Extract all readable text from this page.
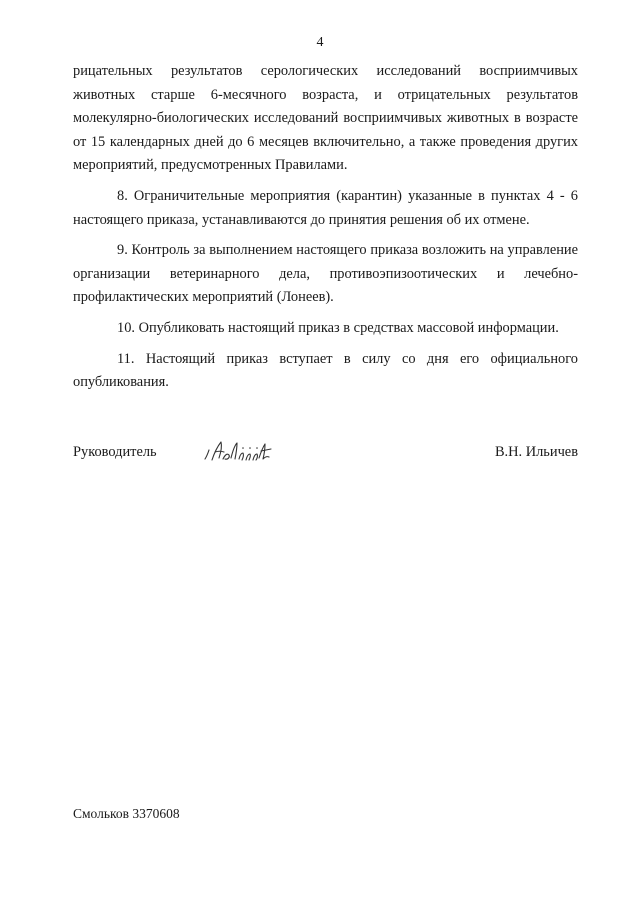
4

рицательных результатов серологических исследований восприимчивых животных старше 6-месячного возраста, и отрицательных результатов молекулярно-биологических исследований восприимчивых животных в возрасте от 15 календарных дней до 6 месяцев включительно, а также проведения других мероприятий, предусмотренных Правилами.

8. Ограничительные мероприятия (карантин) указанные в пунктах 4 - 6 настоящего приказа, устанавливаются до принятия решения об их отмене.

9. Контроль за выполнением настоящего приказа возложить на управление организации ветеринарного дела, противоэпизоотических и лечебно-профилактических мероприятий (Лонеев).

10. Опубликовать настоящий приказ в средствах массовой информации.

11. Настоящий приказ вступает в силу со дня его официального опубликования.

Руководитель	В.Н. Ильичев
Смольков 3370608
